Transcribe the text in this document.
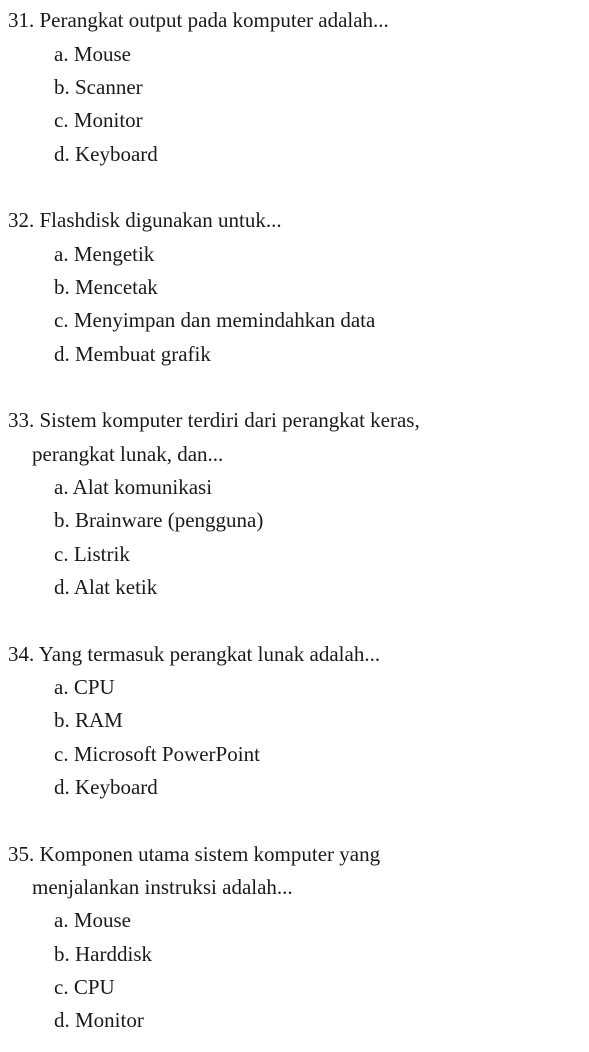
31. Perangkat output pada komputer adalah...
a. Mouse
b. Scanner
c. Monitor
d. Keyboard
32. Flashdisk digunakan untuk...
a. Mengetik
b. Mencetak
c. Menyimpan dan memindahkan data
d. Membuat grafik
33. Sistem komputer terdiri dari perangkat keras,
perangkat lunak, dan...
a. Alat komunikasi
b. Brainware (pengguna)
c. Listrik
d. Alat ketik
34. Yang termasuk perangkat lunak adalah...
a. CPU
b. RAM
c. Microsoft PowerPoint
d. Keyboard
35. Komponen utama sistem komputer yang
menjalankan instruksi adalah...
a. Mouse
b. Harddisk
c. CPU
d. Monitor
